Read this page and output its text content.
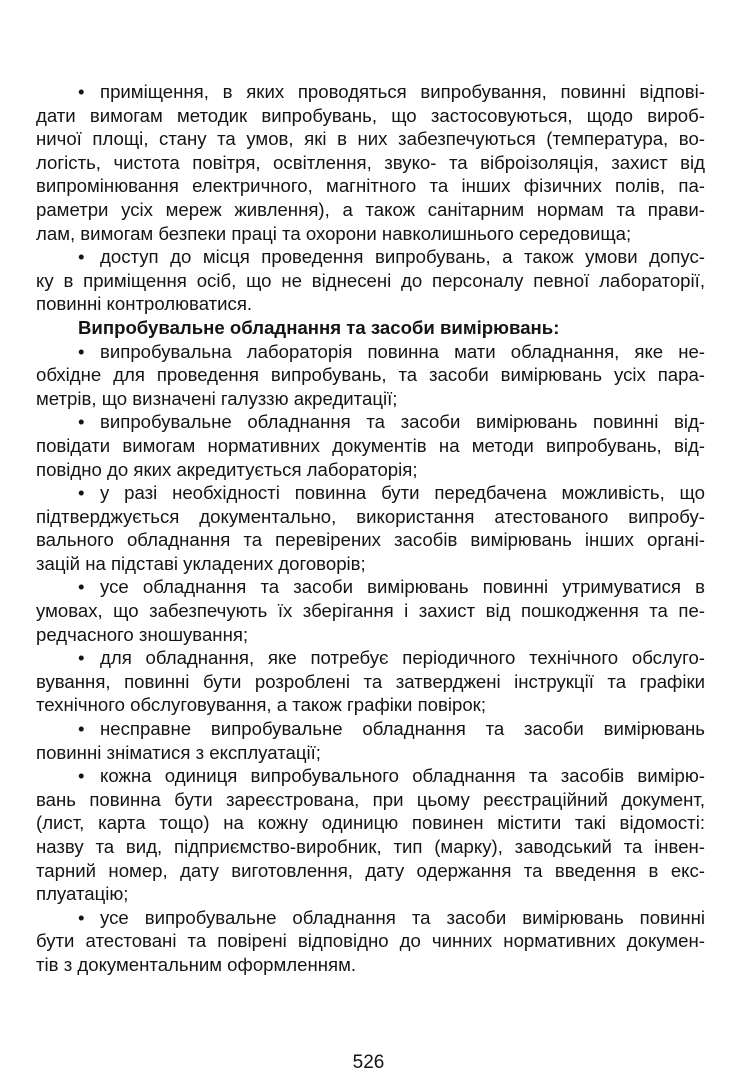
• приміщення, в яких проводяться випробування, повинні відпові-
дати вимогам методик випробувань, що застосовуються, щодо вироб-
ничої площі, стану та умов, які в них забезпечуються (температура, во-
логість, чистота повітря, освітлення, звуко- та віброізоляція, захист від
випромінювання електричного, магнітного та інших фізичних полів, па-
раметри усіх мереж живлення), а також санітарним нормам та прави-
лам, вимогам безпеки праці та охорони навколишнього середовища;
• доступ до місця проведення випробувань, а також умови допус-
ку в приміщення осіб, що не віднесені до персоналу певної лабораторії,
повинні контролюватися.
Випробувальне обладнання та засоби вимірювань:
• випробувальна лабораторія повинна мати обладнання, яке не-
обхідне для проведення випробувань, та засоби вимірювань усіх пара-
метрів, що визначені галуззю акредитації;
• випробувальне обладнання та засоби вимірювань повинні від-
повідати вимогам нормативних документів на методи випробувань, від-
повідно до яких акредитується лабораторія;
• у разі необхідності повинна бути передбачена можливість, що
підтверджується документально, використання атестованого випробу-
вального обладнання та перевірених засобів вимірювань інших органі-
зацій на підставі укладених договорів;
• усе обладнання та засоби вимірювань повинні утримуватися в
умовах, що забезпечують їх зберігання і захист від пошкодження та пе-
редчасного зношування;
• для обладнання, яке потребує періодичного технічного обслуго-
вування, повинні бути розроблені та затверджені інструкції та графіки
технічного обслуговування, а також графіки повірок;
• несправне випробувальне обладнання та засоби вимірювань
повинні зніматися з експлуатації;
• кожна одиниця випробувального обладнання та засобів вимірю-
вань повинна бути зареєстрована, при цьому реєстраційний документ,
(лист, карта тощо) на кожну одиницю повинен містити такі відомості:
назву та вид, підприємство-виробник, тип (марку), заводський та інвен-
тарний номер, дату виготовлення, дату одержання та введення в екс-
плуатацію;
• усе випробувальне обладнання та засоби вимірювань повинні
бути атестовані та повірені відповідно до чинних нормативних докумен-
тів з документальним оформленням.
526
